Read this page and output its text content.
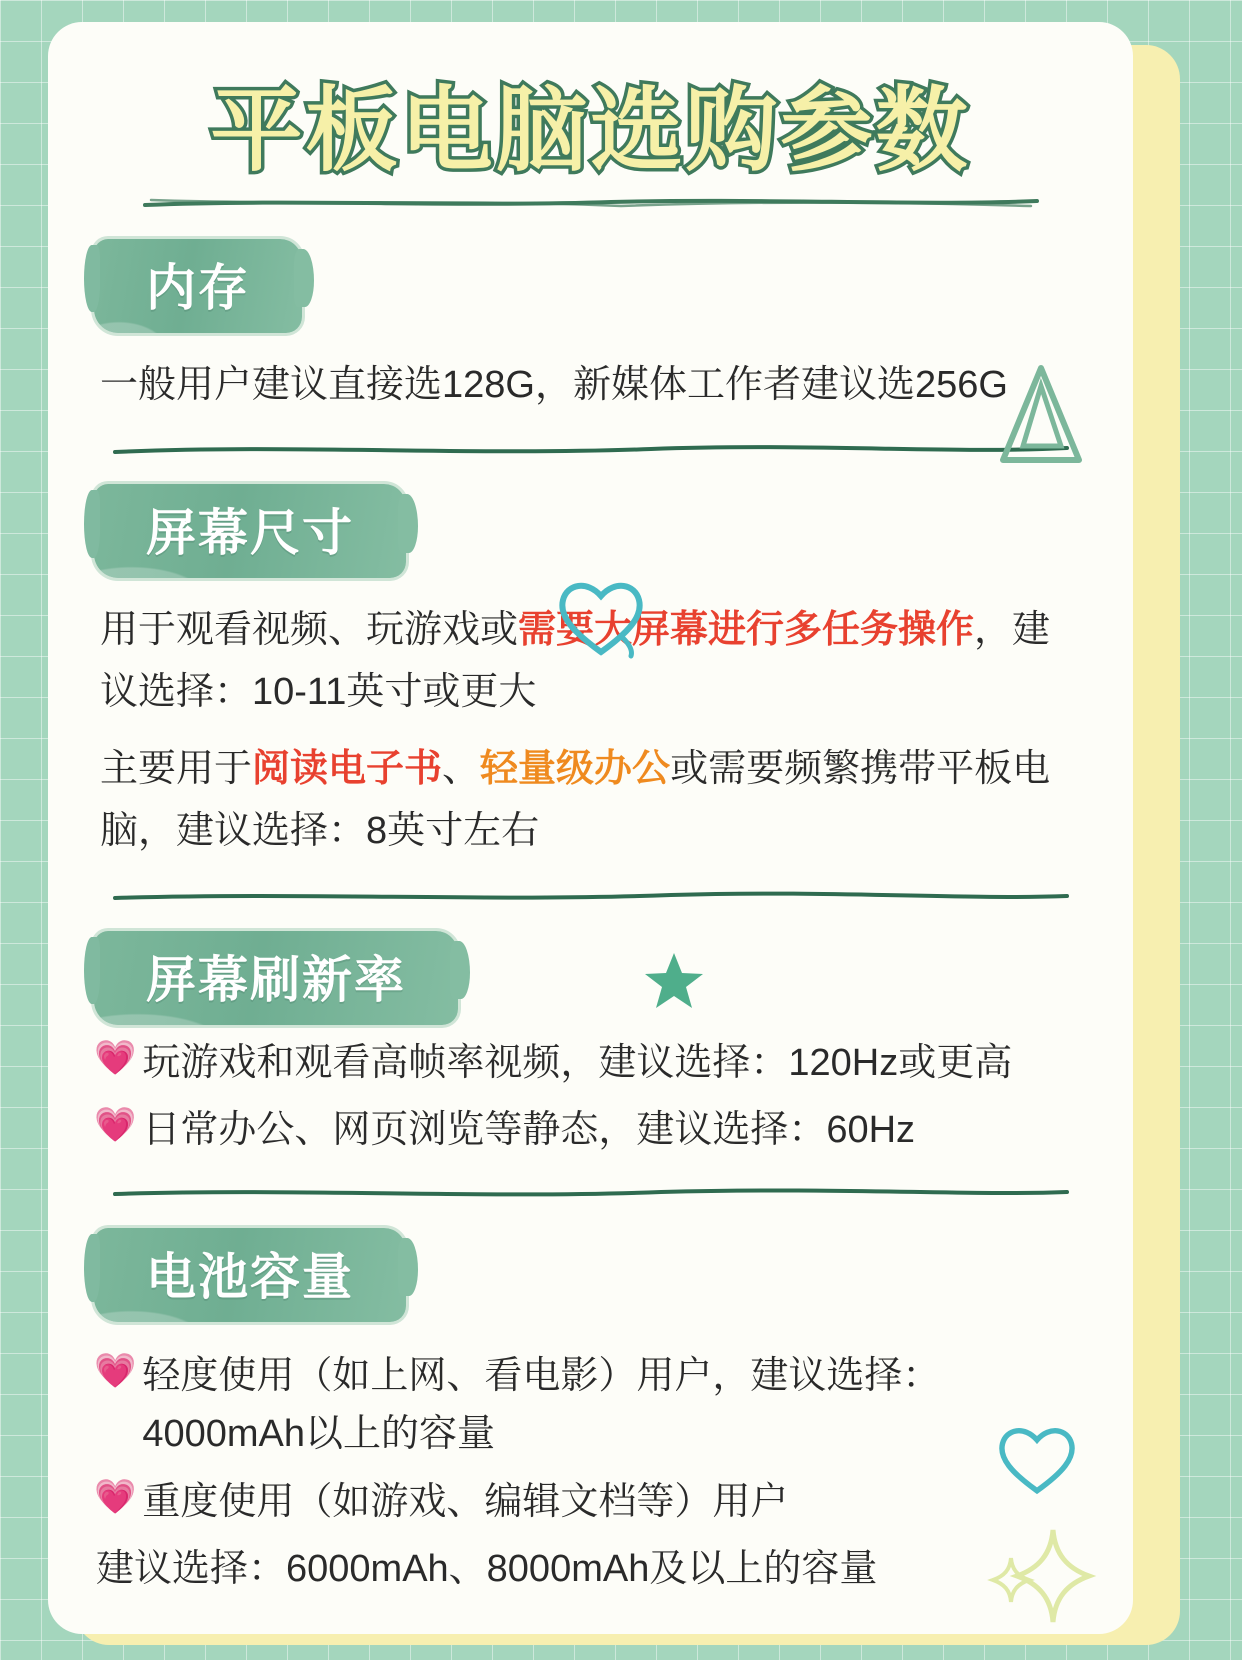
平板电脑选购参数
内存
一般用户建议直接选128G，新媒体工作者建议选256G
屏幕尺寸
用于观看视频、玩游戏或需要大屏幕进行多任务操作，建议选择：10-11英寸或更大
主要用于阅读电子书、轻量级办公或需要频繁携带平板电脑，建议选择：8英寸左右
屏幕刷新率
💗 玩游戏和观看高帧率视频，建议选择：120Hz或更高
💗 日常办公、网页浏览等静态，建议选择：60Hz
电池容量
💗 轻度使用（如上网、看电影）用户，建议选择：4000mAh以上的容量
💗 重度使用（如游戏、编辑文档等）用户
建议选择：6000mAh、8000mAh及以上的容量
